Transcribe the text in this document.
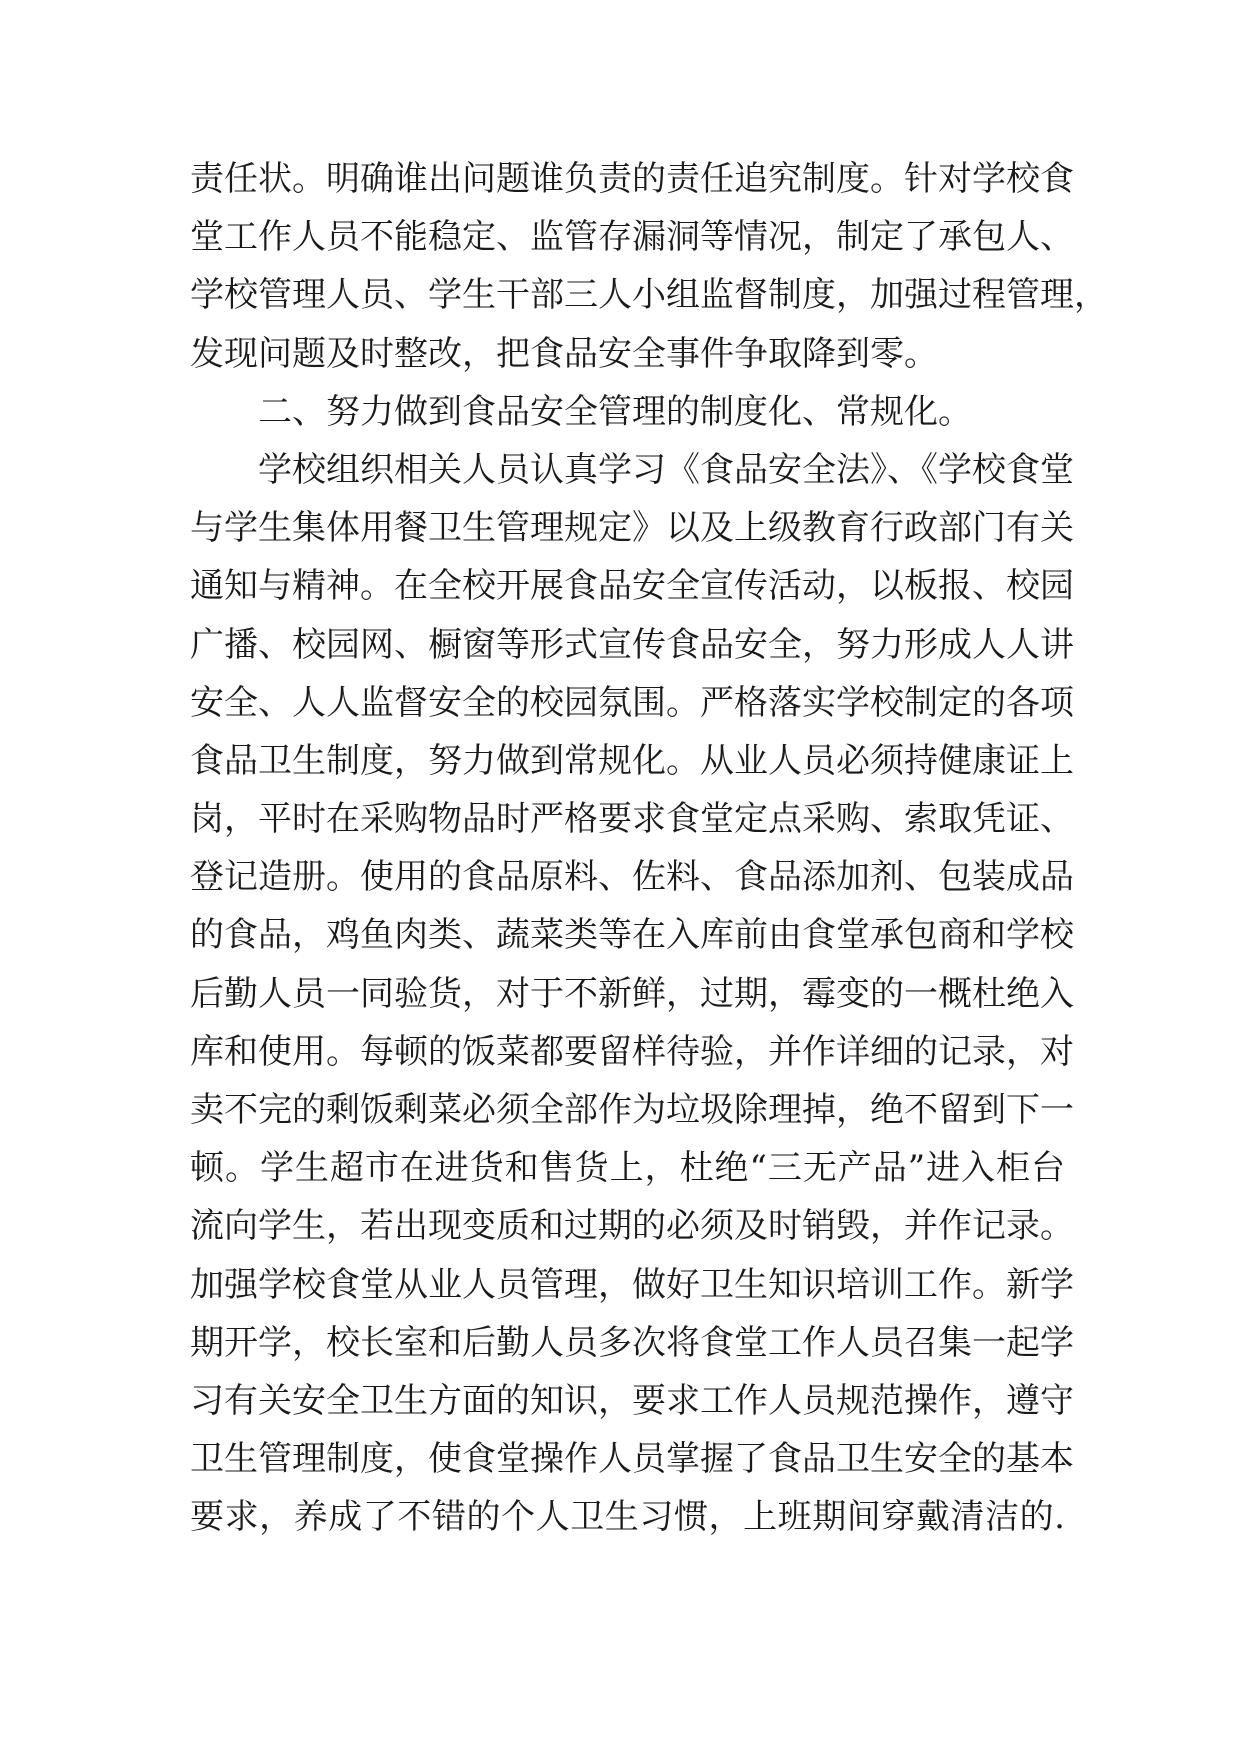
责任状。明确谁出问题谁负责的责任追究制度。针对学校食
堂工作人员不能稳定、监管存漏洞等情况，制定了承包人、
学校管理人员、学生干部三人小组监督制度，加强过程管理，
发现问题及时整改，把食品安全事件争取降到零。
二、努力做到食品安全管理的制度化、常规化。
学校组织相关人员认真学习《食品安全法》、《学校食堂
与学生集体用餐卫生管理规定》以及上级教育行政部门有关
通知与精神。在全校开展食品安全宣传活动，以板报、校园
广播、校园网、橱窗等形式宣传食品安全，努力形成人人讲
安全、人人监督安全的校园氛围。严格落实学校制定的各项
食品卫生制度，努力做到常规化。从业人员必须持健康证上
岗，平时在采购物品时严格要求食堂定点采购、索取凭证、
登记造册。使用的食品原料、佐料、食品添加剂、包装成品
的食品，鸡鱼肉类、蔬菜类等在入库前由食堂承包商和学校
后勤人员一同验货，对于不新鲜，过期，霉变的一概杜绝入
库和使用。每顿的饭菜都要留样待验，并作详细的记录，对
卖不完的剩饭剩菜必须全部作为垃圾除理掉，绝不留到下一
顿。学生超市在进货和售货上，杜绝“三无产品”进入柜台
流向学生，若出现变质和过期的必须及时销毁，并作记录。
加强学校食堂从业人员管理，做好卫生知识培训工作。新学
期开学，校长室和后勤人员多次将食堂工作人员召集一起学
习有关安全卫生方面的知识，要求工作人员规范操作，遵守
卫生管理制度，使食堂操作人员掌握了食品卫生安全的基本
要求，养成了不错的个人卫生习惯，上班期间穿戴清洁的.
